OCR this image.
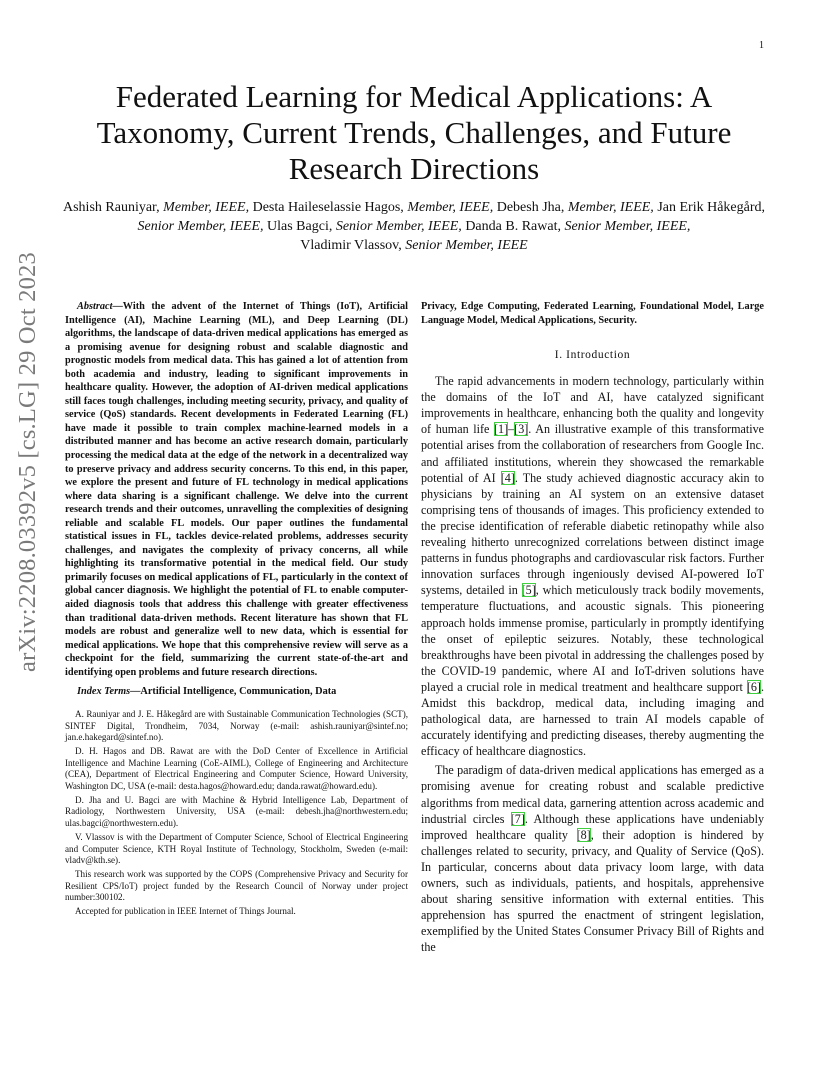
1
arXiv:2208.03392v5 [cs.LG] 29 Oct 2023
Federated Learning for Medical Applications: A Taxonomy, Current Trends, Challenges, and Future Research Directions
Ashish Rauniyar, Member, IEEE, Desta Haileselassie Hagos, Member, IEEE, Debesh Jha, Member, IEEE, Jan Erik Håkegård, Senior Member, IEEE, Ulas Bagci, Senior Member, IEEE, Danda B. Rawat, Senior Member, IEEE,
Vladimir Vlassov, Senior Member, IEEE

Abstract—With the advent of the Internet of Things (IoT), Artificial Intelligence (AI), Machine Learning (ML), and Deep Learning (DL) algorithms, the landscape of data-driven medical applications has emerged as a promising avenue for designing robust and scalable diagnostic and prognostic models from medical data. This has gained a lot of attention from both academia and industry, leading to significant improvements in healthcare quality. However, the adoption of AI-driven medical applications still faces tough challenges, including meeting security, privacy, and quality of service (QoS) standards. Recent developments in Federated Learning (FL) have made it possible to train complex machine-learned models in a distributed manner and has become an active research domain, particularly processing the medical data at the edge of the network in a decentralized way to preserve privacy and address security concerns. To this end, in this paper, we explore the present and future of FL technology in medical applications where data sharing is a significant challenge. We delve into the current research trends and their outcomes, unravelling the complexities of designing reliable and scalable FL models. Our paper outlines the fundamental statistical issues in FL, tackles device-related problems, addresses security challenges, and navigates the complexity of privacy concerns, all while highlighting its transformative potential in the medical field. Our study primarily focuses on medical applications of FL, particularly in the context of global cancer diagnosis. We highlight the potential of FL to enable computer-aided diagnosis tools that address this challenge with greater effectiveness than traditional data-driven methods. Recent literature has shown that FL models are robust and generalize well to new data, which is essential for medical applications. We hope that this comprehensive review will serve as a checkpoint for the field, summarizing the current state-of-the-art and identifying open problems and future research directions.

Index Terms—Artificial Intelligence, Communication, Data

A. Rauniyar and J. E. Håkegård are with Sustainable Communication Technologies (SCT), SINTEF Digital, Trondheim, 7034, Norway (e-mail: ashish.rauniyar@sintef.no; jan.e.hakegard@sintef.no).

D. H. Hagos and DB. Rawat are with the DoD Center of Excellence in Artificial Intelligence and Machine Learning (CoE-AIML), College of Engineering and Architecture (CEA), Department of Electrical Engineering and Computer Science, Howard University, Washington DC, USA (e-mail: desta.hagos@howard.edu; danda.rawat@howard.edu).

D. Jha and U. Bagci are with Machine & Hybrid Intelligence Lab, Department of Radiology, Northwestern University, USA (e-mail: debesh.jha@northwestern.edu; ulas.bagci@northwestern.edu).

V. Vlassov is with the Department of Computer Science, School of Electrical Engineering and Computer Science, KTH Royal Institute of Technology, Stockholm, Sweden (e-mail: vladv@kth.se).

This research work was supported by the COPS (Comprehensive Privacy and Security for Resilient CPS/IoT) project funded by the Research Council of Norway under project number:300102.

Accepted for publication in IEEE Internet of Things Journal.

Privacy, Edge Computing, Federated Learning, Foundational Model, Large Language Model, Medical Applications, Security.

I. Introduction

The rapid advancements in modern technology, particularly within the domains of the IoT and AI, have catalyzed significant improvements in healthcare, enhancing both the quality and longevity of human life [1]–[3]. An illustrative example of this transformative potential arises from the collaboration of researchers from Google Inc. and affiliated institutions, wherein they showcased the remarkable potential of AI [4]. The study achieved diagnostic accuracy akin to physicians by training an AI system on an extensive dataset comprising tens of thousands of images. This proficiency extended to the precise identification of referable diabetic retinopathy while also revealing hitherto unrecognized correlations between distinct image patterns in fundus photographs and cardiovascular risk factors. Further innovation surfaces through ingeniously devised AI-powered IoT systems, detailed in [5], which meticulously track bodily movements, temperature fluctuations, and acoustic signals. This pioneering approach holds immense promise, particularly in promptly identifying the onset of epileptic seizures. Notably, these technological breakthroughs have been pivotal in addressing the challenges posed by the COVID-19 pandemic, where AI and IoT-driven solutions have played a crucial role in medical treatment and healthcare support [6]. Amidst this backdrop, medical data, including imaging and pathological data, are harnessed to train AI models capable of accurately identifying and predicting diseases, thereby augmenting the efficacy of healthcare diagnostics.

The paradigm of data-driven medical applications has emerged as a promising avenue for creating robust and scalable predictive algorithms from medical data, garnering attention across academic and industrial circles [7]. Although these applications have undeniably improved healthcare quality [8], their adoption is hindered by challenges related to security, privacy, and Quality of Service (QoS). In particular, concerns about data privacy loom large, with data owners, such as individuals, patients, and hospitals, apprehensive about sharing sensitive information with external entities. This apprehension has spurred the enactment of stringent legislation, exemplified by the United States Consumer Privacy Bill of Rights and the
